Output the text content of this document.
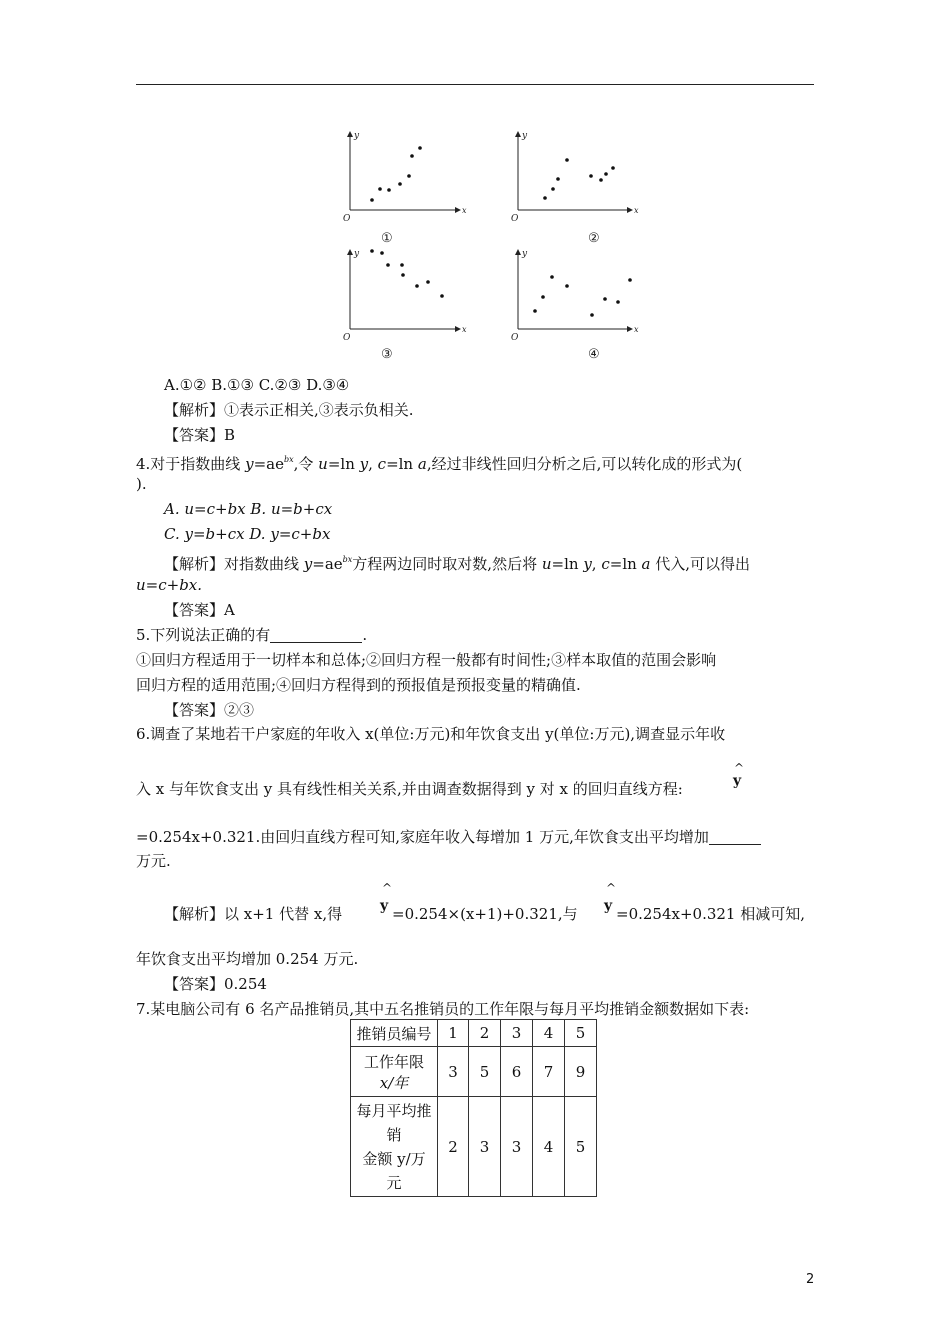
y
x
O
①
y
x
O
②
y
x
O
③
y
x
O
④
A.①② B.①③ C.②③ D.③④
【解析】①表示正相关,③表示负相关.
【答案】B
4.对于指数曲线 $y=ae^{bx}$,令 u=ln y, c=ln a,经过非线性回归分析之后,可以转化成的形式为(
).
A. u=c+bx B. u=b+cx
C. y=b+cx D. y=c+bx
【解析】对指数曲线 $y=ae^{bx}$方程两边同时取对数,然后将 u=ln y, c=ln a 代入,可以得出
u=c+bx.
【答案】A
5.下列说法正确的有	.
①回归方程适用于一切样本和总体;②回归方程一般都有时间性;③样本取值的范围会影响
回归方程的适用范围;④回归方程得到的预报值是预报变量的精确值.
【答案】②③
6.调查了某地若干户家庭的年收入 x(单位:万元)和年饮食支出 y(单位:万元),调查显示年收
^
y
入 x 与年饮食支出 y 具有线性相关关系,并由调查数据得到 y 对 x 的回归直线方程:
=0.254x+0.321.由回归直线方程可知,家庭年收入每增加 1 万元,年饮食支出平均增加
万元.
^
y
^
y
【解析】以 x+1 代替 x,得	=0.254×(x+1)+0.321,与	=0.254x+0.321 相减可知,
年饮食支出平均增加 0.254 万元.
【答案】0.254
7.某电脑公司有 6 名产品推销员,其中五名推销员的工作年限与每月平均推销金额数据如下表:
推销员编号	1	2	3	4	5

工作年限
x/年	3	5	6	7	9

每月平均推
销
金额 y/万
元	2	3	3	4	5
2
